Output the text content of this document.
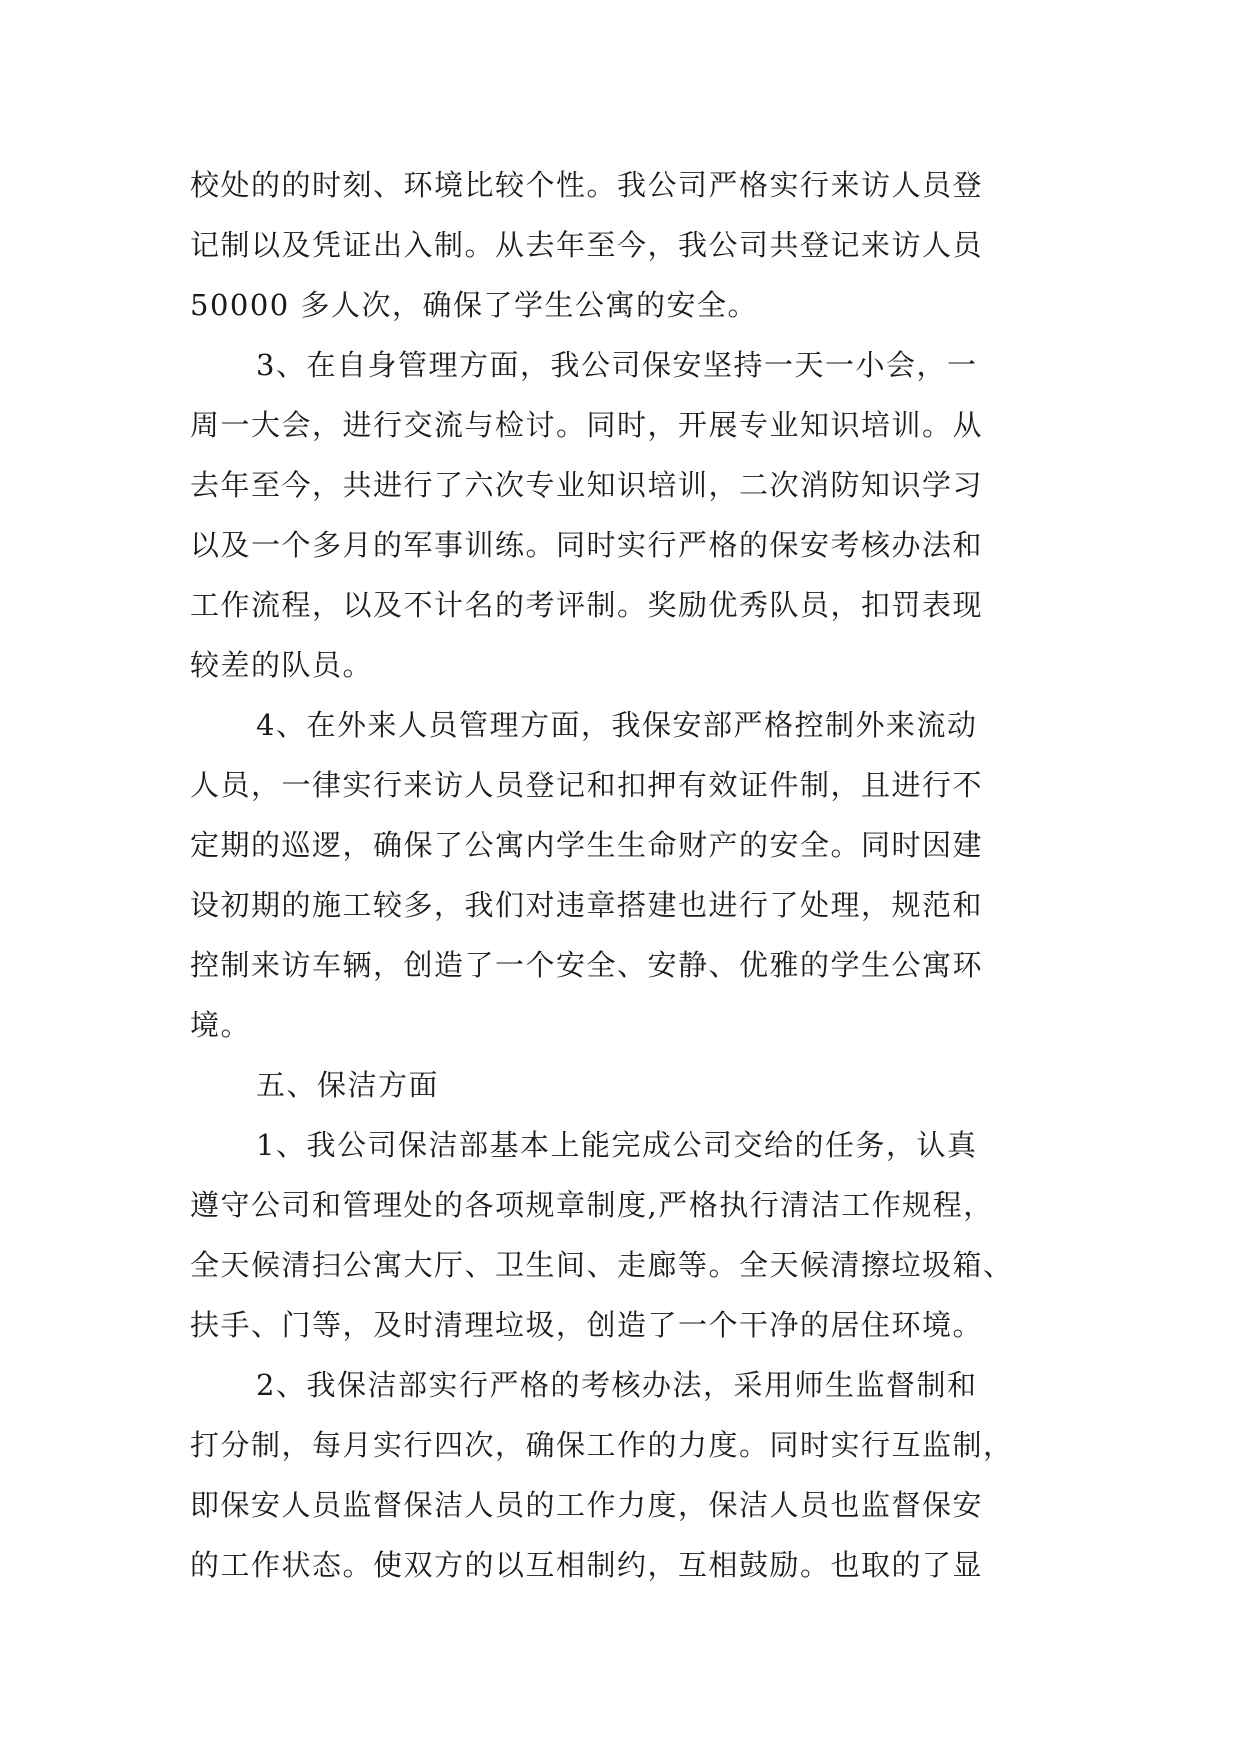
校处的的时刻、环境比较个性。我公司严格实行来访人员登
记制以及凭证出入制。从去年至今，我公司共登记来访人员
50000 多人次，确保了学生公寓的安全。
3、在自身管理方面，我公司保安坚持一天一小会，一
周一大会，进行交流与检讨。同时，开展专业知识培训。从
去年至今，共进行了六次专业知识培训，二次消防知识学习
以及一个多月的军事训练。同时实行严格的保安考核办法和
工作流程，以及不计名的考评制。奖励优秀队员，扣罚表现
较差的队员。
4、在外来人员管理方面，我保安部严格控制外来流动
人员，一律实行来访人员登记和扣押有效证件制，且进行不
定期的巡逻，确保了公寓内学生生命财产的安全。同时因建
设初期的施工较多，我们对违章搭建也进行了处理，规范和
控制来访车辆，创造了一个安全、安静、优雅的学生公寓环
境。
五、保洁方面
1、我公司保洁部基本上能完成公司交给的任务，认真
遵守公司和管理处的各项规章制度,严格执行清洁工作规程，
全天候清扫公寓大厅、卫生间、走廊等。全天候清擦垃圾箱、
扶手、门等，及时清理垃圾，创造了一个干净的居住环境。
2、我保洁部实行严格的考核办法，采用师生监督制和
打分制，每月实行四次，确保工作的力度。同时实行互监制，
即保安人员监督保洁人员的工作力度，保洁人员也监督保安
的工作状态。使双方的以互相制约，互相鼓励。也取的了显
